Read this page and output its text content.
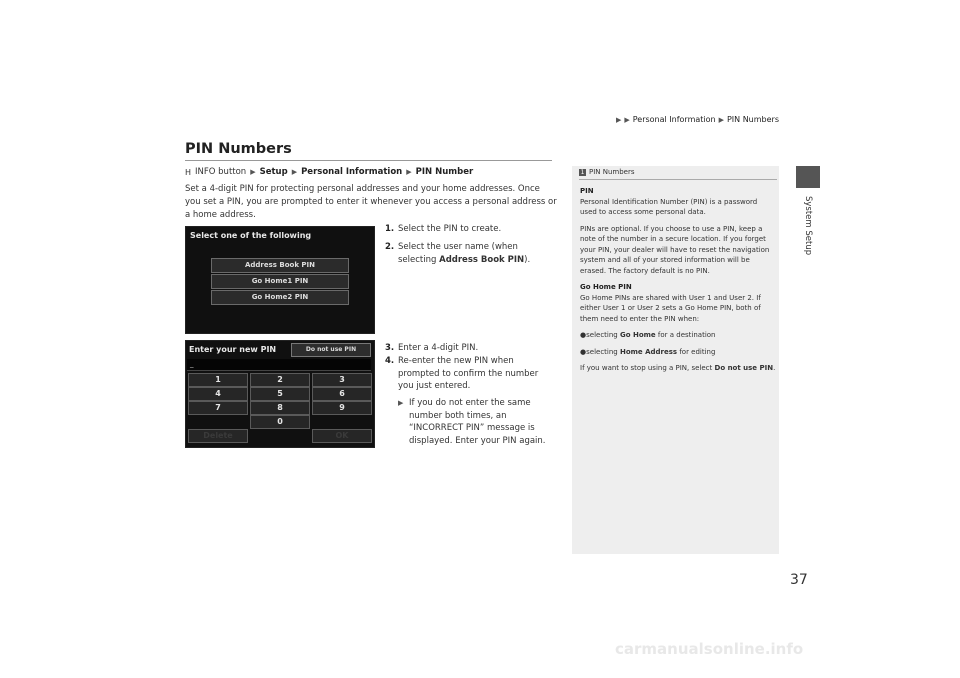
▶ ▶ Personal Information ▶ PIN Numbers
PIN Numbers
H INFO button ▶ Setup ▶ Personal Information ▶ PIN Number
Set a 4-digit PIN for protecting personal addresses and your home addresses. Once you set a PIN, you are prompted to enter it whenever you access a personal address or a home address.
Select one of the following
Address Book PIN
Go Home1 PIN
Go Home2 PIN
Enter your new PIN	Do not use PIN
_
1	2	3
4	5	6
7	8	9
0
Delete	OK
1. Select the PIN to create.
2. Select the user name (when
selecting Address Book PIN).
3. Enter a 4-digit PIN.
4. Re-enter the new PIN when
prompted to confirm the number
you just entered.
▶ If you do not enter the same
number both times, an
“INCORRECT PIN” message is
displayed. Enter your PIN again.
1 PIN Numbers

PIN
Personal Identification Number (PIN) is a password used to access some personal data.

PINs are optional. If you choose to use a PIN, keep a note of the number in a secure location. If you forget your PIN, your dealer will have to reset the navigation system and all of your stored information will be erased. The factory default is no PIN.

Go Home PIN
Go Home PINs are shared with User 1 and User 2. If either User 1 or User 2 sets a Go Home PIN, both of them need to enter the PIN when:

●selecting Go Home for a destination

●selecting Home Address for editing

If you want to stop using a PIN, select Do not use PIN.

System Setup
37
carmanualsonline.info
